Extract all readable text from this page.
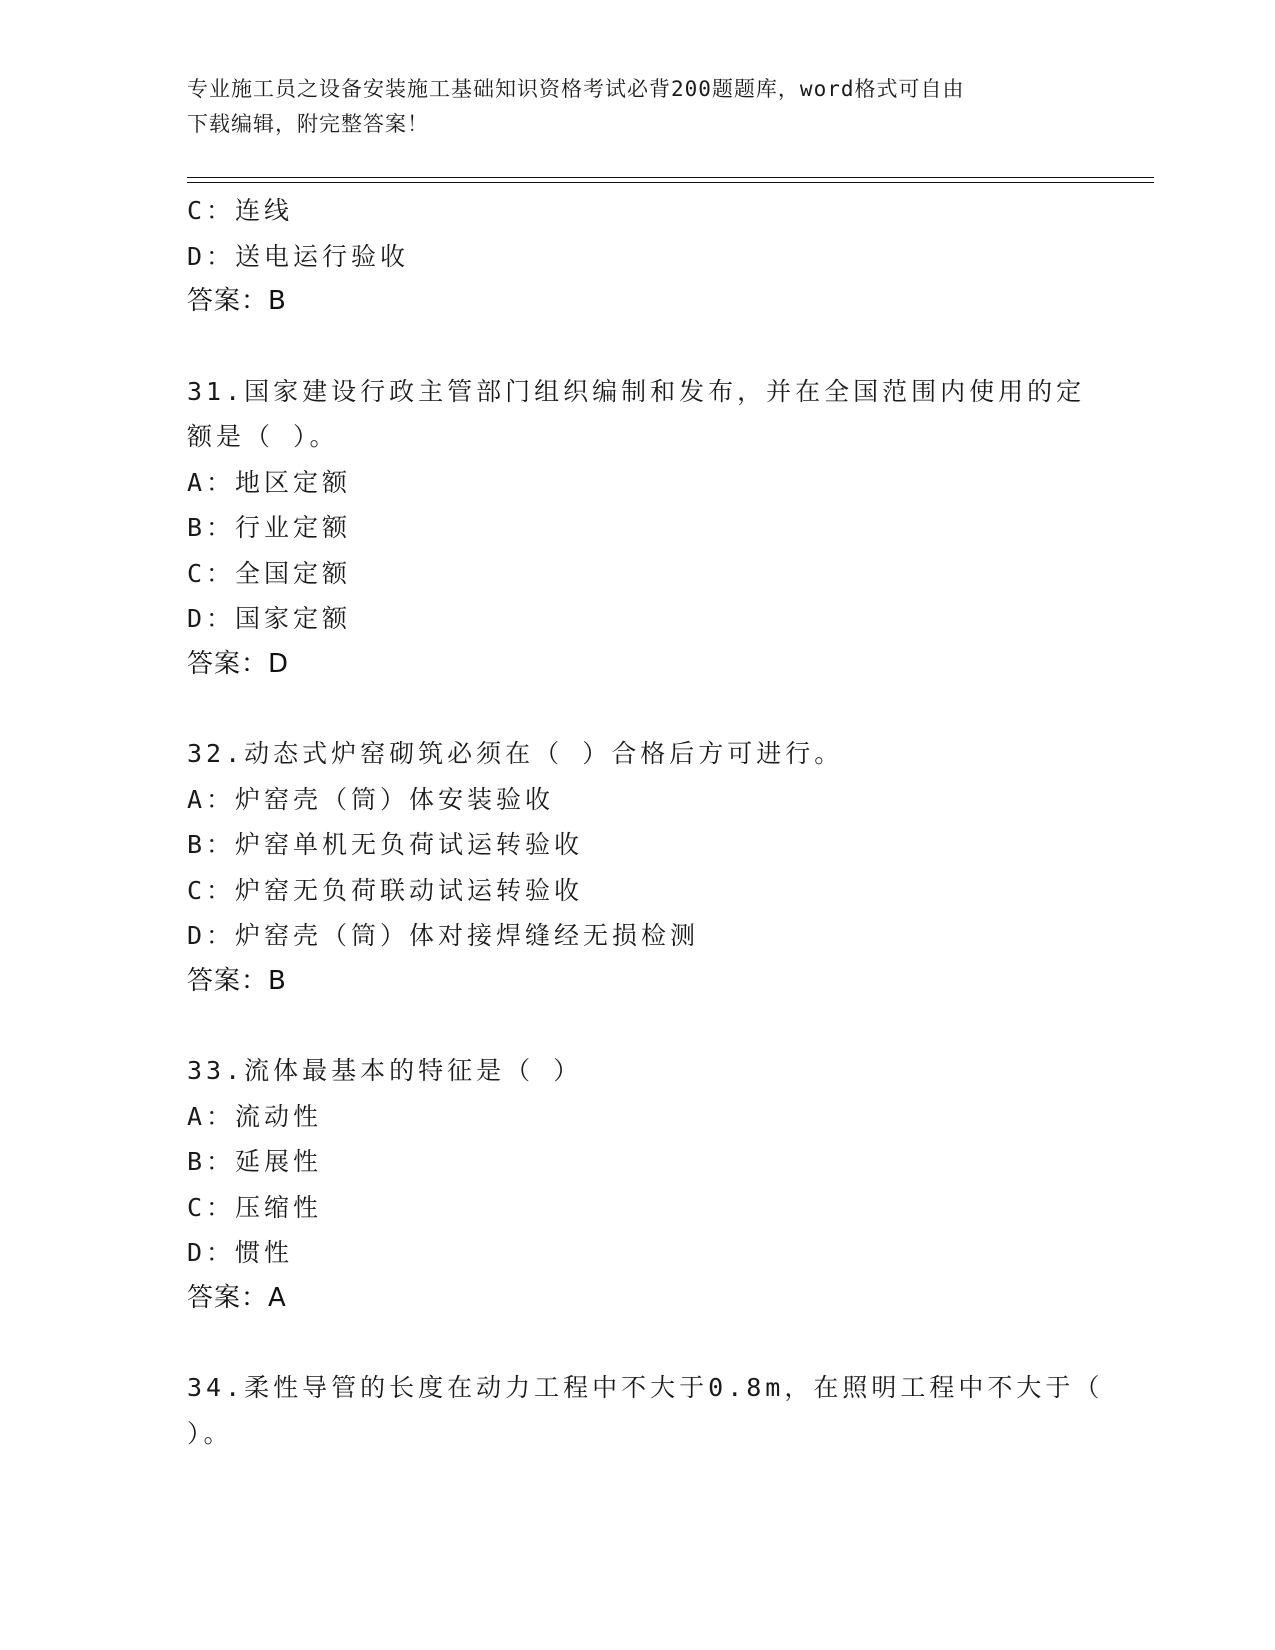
专业施工员之设备安装施工基础知识资格考试必背200题题库，word格式可自由
下载编辑，附完整答案！
C：连线
D：送电运行验收
答案：B
31.国家建设行政主管部门组织编制和发布，并在全国范围内使用的定
额是（ ）。
A：地区定额
B：行业定额
C：全国定额
D：国家定额
答案：D
32.动态式炉窑砌筑必须在（ ）合格后方可进行。
A：炉窑壳（筒）体安装验收
B：炉窑单机无负荷试运转验收
C：炉窑无负荷联动试运转验收
D：炉窑壳（筒）体对接焊缝经无损检测
答案：B
33.流体最基本的特征是（ ）
A：流动性
B：延展性
C：压缩性
D：惯性
答案：A
34.柔性导管的长度在动力工程中不大于0.8m，在照明工程中不大于（
）。
